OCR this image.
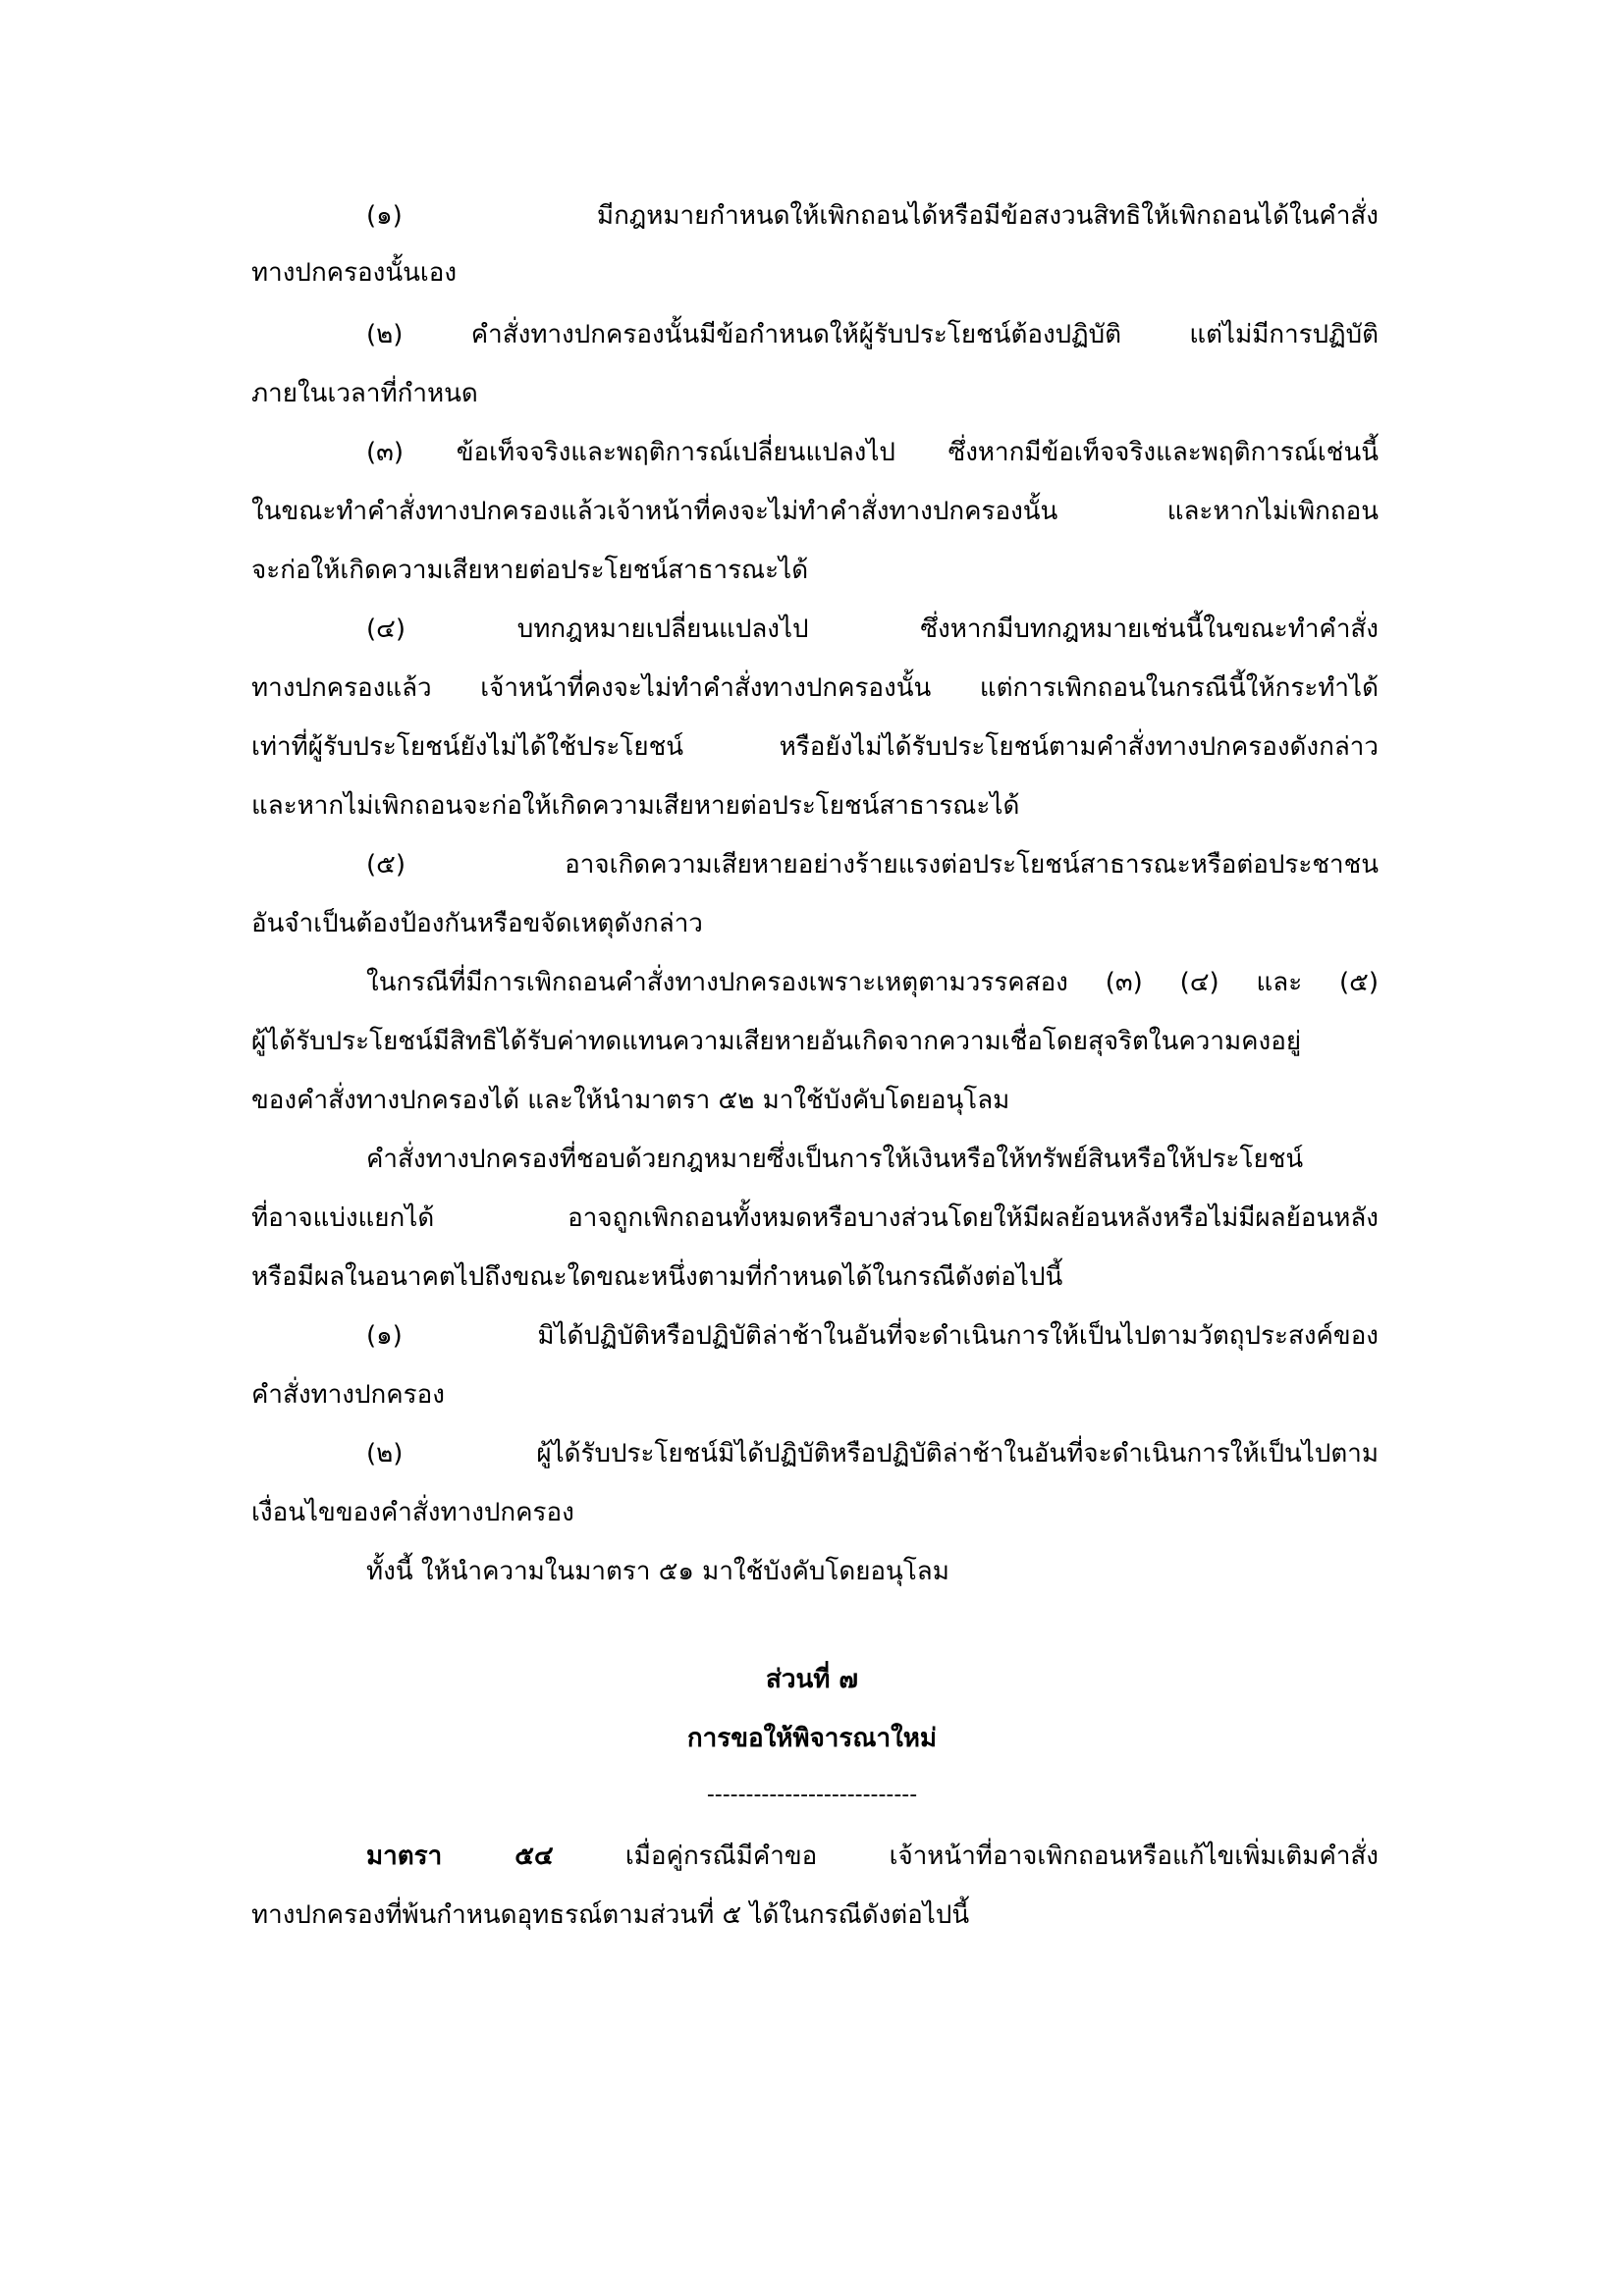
(๑) มีกฎหมายกำหนดให้เพิกถอนได้หรือมีข้อสงวนสิทธิให้เพิกถอนได้ในคำสั่ง
ทางปกครองนั้นเอง
(๒) คำสั่งทางปกครองนั้นมีข้อกำหนดให้ผู้รับประโยชน์ต้องปฏิบัติ แต่ไม่มีการปฏิบัติ
ภายในเวลาที่กำหนด
(๓) ข้อเท็จจริงและพฤติการณ์เปลี่ยนแปลงไป ซึ่งหากมีข้อเท็จจริงและพฤติการณ์เช่นนี้
ในขณะทำคำสั่งทางปกครองแล้วเจ้าหน้าที่คงจะไม่ทำคำสั่งทางปกครองนั้น และหากไม่เพิกถอน
จะก่อให้เกิดความเสียหายต่อประโยชน์สาธารณะได้
(๔) บทกฎหมายเปลี่ยนแปลงไป ซึ่งหากมีบทกฎหมายเช่นนี้ในขณะทำคำสั่ง
ทางปกครองแล้ว เจ้าหน้าที่คงจะไม่ทำคำสั่งทางปกครองนั้น แต่การเพิกถอนในกรณีนี้ให้กระทำได้
เท่าที่ผู้รับประโยชน์ยังไม่ได้ใช้ประโยชน์ หรือยังไม่ได้รับประโยชน์ตามคำสั่งทางปกครองดังกล่าว
และหากไม่เพิกถอนจะก่อให้เกิดความเสียหายต่อประโยชน์สาธารณะได้
(๕) อาจเกิดความเสียหายอย่างร้ายแรงต่อประโยชน์สาธารณะหรือต่อประชาชน
อันจำเป็นต้องป้องกันหรือขจัดเหตุดังกล่าว
ในกรณีที่มีการเพิกถอนคำสั่งทางปกครองเพราะเหตุตามวรรคสอง (๓) (๔) และ (๕)
ผู้ได้รับประโยชน์มีสิทธิได้รับค่าทดแทนความเสียหายอันเกิดจากความเชื่อโดยสุจริตในความคงอยู่
ของคำสั่งทางปกครองได้ และให้นำมาตรา ๕๒ มาใช้บังคับโดยอนุโลม
คำสั่งทางปกครองที่ชอบด้วยกฎหมายซึ่งเป็นการให้เงินหรือให้ทรัพย์สินหรือให้ประโยชน์
ที่อาจแบ่งแยกได้ อาจถูกเพิกถอนทั้งหมดหรือบางส่วนโดยให้มีผลย้อนหลังหรือไม่มีผลย้อนหลัง
หรือมีผลในอนาคตไปถึงขณะใดขณะหนึ่งตามที่กำหนดได้ในกรณีดังต่อไปนี้
(๑) มิได้ปฏิบัติหรือปฏิบัติล่าช้าในอันที่จะดำเนินการให้เป็นไปตามวัตถุประสงค์ของ
คำสั่งทางปกครอง
(๒) ผู้ได้รับประโยชน์มิได้ปฏิบัติหรือปฏิบัติล่าช้าในอันที่จะดำเนินการให้เป็นไปตาม
เงื่อนไขของคำสั่งทางปกครอง
ทั้งนี้ ให้นำความในมาตรา ๕๑ มาใช้บังคับโดยอนุโลม
ส่วนที่ ๗
การขอให้พิจารณาใหม่
---------------------------
มาตรา ๕๔ เมื่อคู่กรณีมีคำขอ เจ้าหน้าที่อาจเพิกถอนหรือแก้ไขเพิ่มเติมคำสั่ง
ทางปกครองที่พ้นกำหนดอุทธรณ์ตามส่วนที่ ๕ ได้ในกรณีดังต่อไปนี้
